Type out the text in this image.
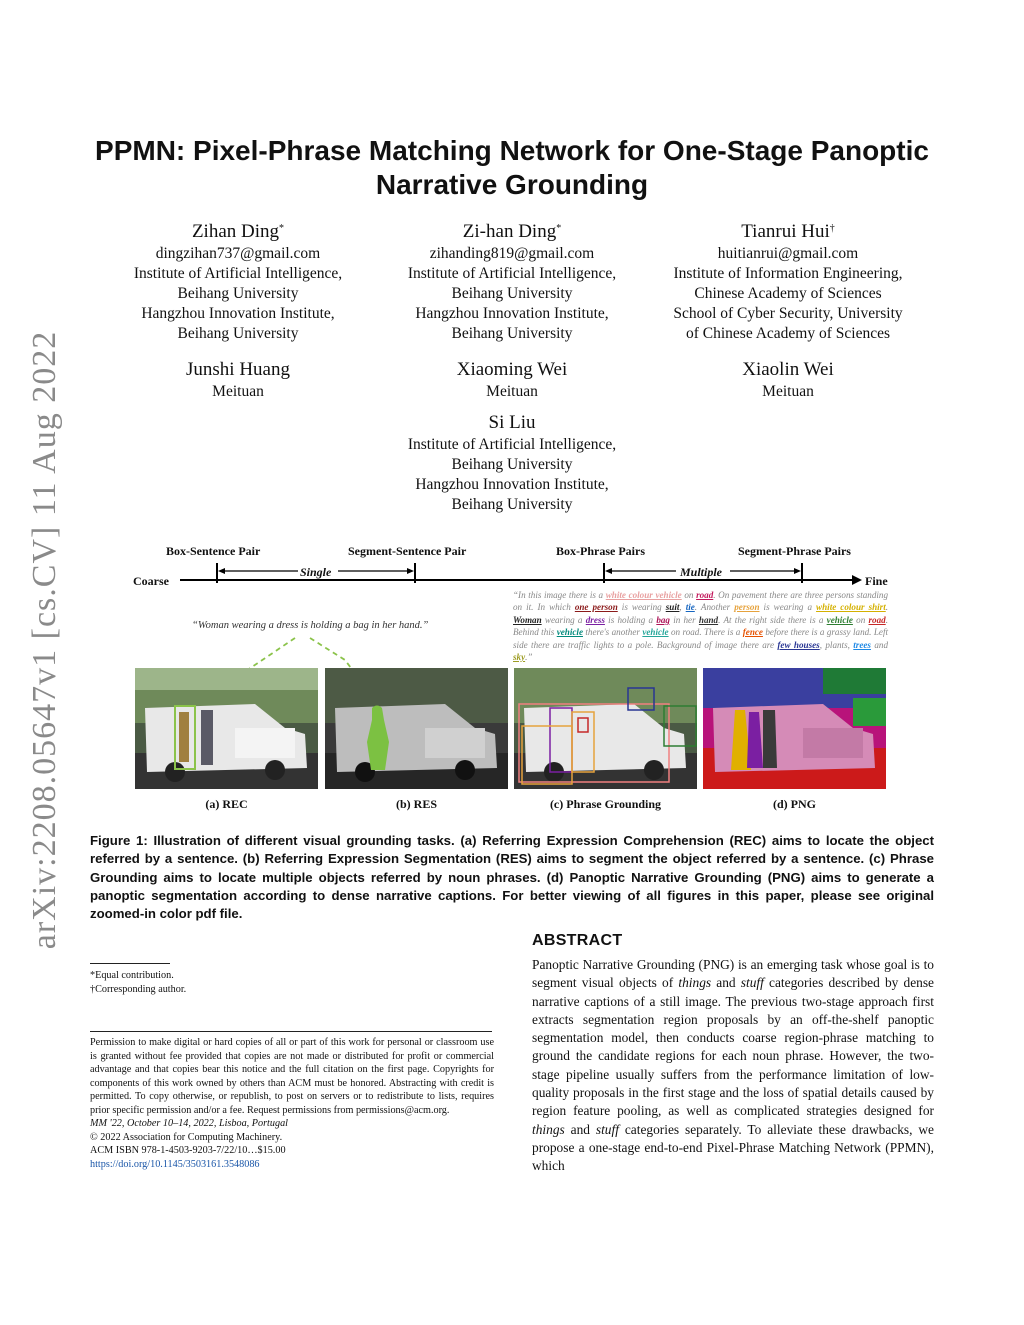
arXiv:2208.05647v1 [cs.CV] 11 Aug 2022
PPMN: Pixel-Phrase Matching Network for One-Stage Panoptic
Narrative Grounding
Zihan Ding*
dingzihan737@gmail.com
Institute of Artificial Intelligence,
Beihang University
Hangzhou Innovation Institute,
Beihang University
Zi-han Ding*
zihanding819@gmail.com
Institute of Artificial Intelligence,
Beihang University
Hangzhou Innovation Institute,
Beihang University
Tianrui Hui†
huitianrui@gmail.com
Institute of Information Engineering,
Chinese Academy of Sciences
School of Cyber Security, University
of Chinese Academy of Sciences
Junshi Huang
Meituan
Xiaoming Wei
Meituan
Xiaolin Wei
Meituan
Si Liu
Institute of Artificial Intelligence,
Beihang University
Hangzhou Innovation Institute,
Beihang University
Coarse	Fine
Single	Multiple
Box-Sentence Pair	Segment-Sentence Pair	Box-Phrase Pairs	Segment-Phrase Pairs
“Woman wearing a dress is holding a bag in her hand.”
“In this image there is a white colour vehicle on road. On pavement there are three persons standing on it. In which one person is wearing suit, tie. Another person is wearing a white colour shirt. Woman wearing a dress is holding a bag in her hand. At the right side there is a vehicle on road. Behind this vehicle there's another vehicle on road. There is a fence before there is a grassy land. Left side there are traffic lights to a pole. Background of image there are few houses, plants, trees and sky.”
(a) REC	(b) RES	(c) Phrase Grounding	(d) PNG
Figure 1: Illustration of different visual grounding tasks. (a) Referring Expression Comprehension (REC) aims to locate the object referred by a sentence. (b) Referring Expression Segmentation (RES) aims to segment the object referred by a sentence. (c) Phrase Grounding aims to locate multiple objects referred by noun phrases. (d) Panoptic Narrative Grounding (PNG) aims to generate a panoptic segmentation according to dense narrative captions. For better viewing of all figures in this paper, please see original zoomed-in color pdf file.
ABSTRACT
Panoptic Narrative Grounding (PNG) is an emerging task whose goal is to segment visual objects of things and stuff categories described by dense narrative captions of a still image. The previous two-stage approach first extracts segmentation region proposals by an off-the-shelf panoptic segmentation model, then conducts coarse region-phrase matching to ground the candidate regions for each noun phrase. However, the two-stage pipeline usually suffers from the performance limitation of low-quality proposals in the first stage and the loss of spatial details caused by region feature pooling, as well as complicated strategies designed for things and stuff categories separately. To alleviate these drawbacks, we propose a one-stage end-to-end Pixel-Phrase Matching Network (PPMN), which
*Equal contribution.
†Corresponding author.
Permission to make digital or hard copies of all or part of this work for personal or classroom use is granted without fee provided that copies are not made or distributed for profit or commercial advantage and that copies bear this notice and the full citation on the first page. Copyrights for components of this work owned by others than ACM must be honored. Abstracting with credit is permitted. To copy otherwise, or republish, to post on servers or to redistribute to lists, requires prior specific permission and/or a fee. Request permissions from permissions@acm.org.
MM '22, October 10–14, 2022, Lisboa, Portugal
© 2022 Association for Computing Machinery.
ACM ISBN 978-1-4503-9203-7/22/10…$15.00
https://doi.org/10.1145/3503161.3548086
